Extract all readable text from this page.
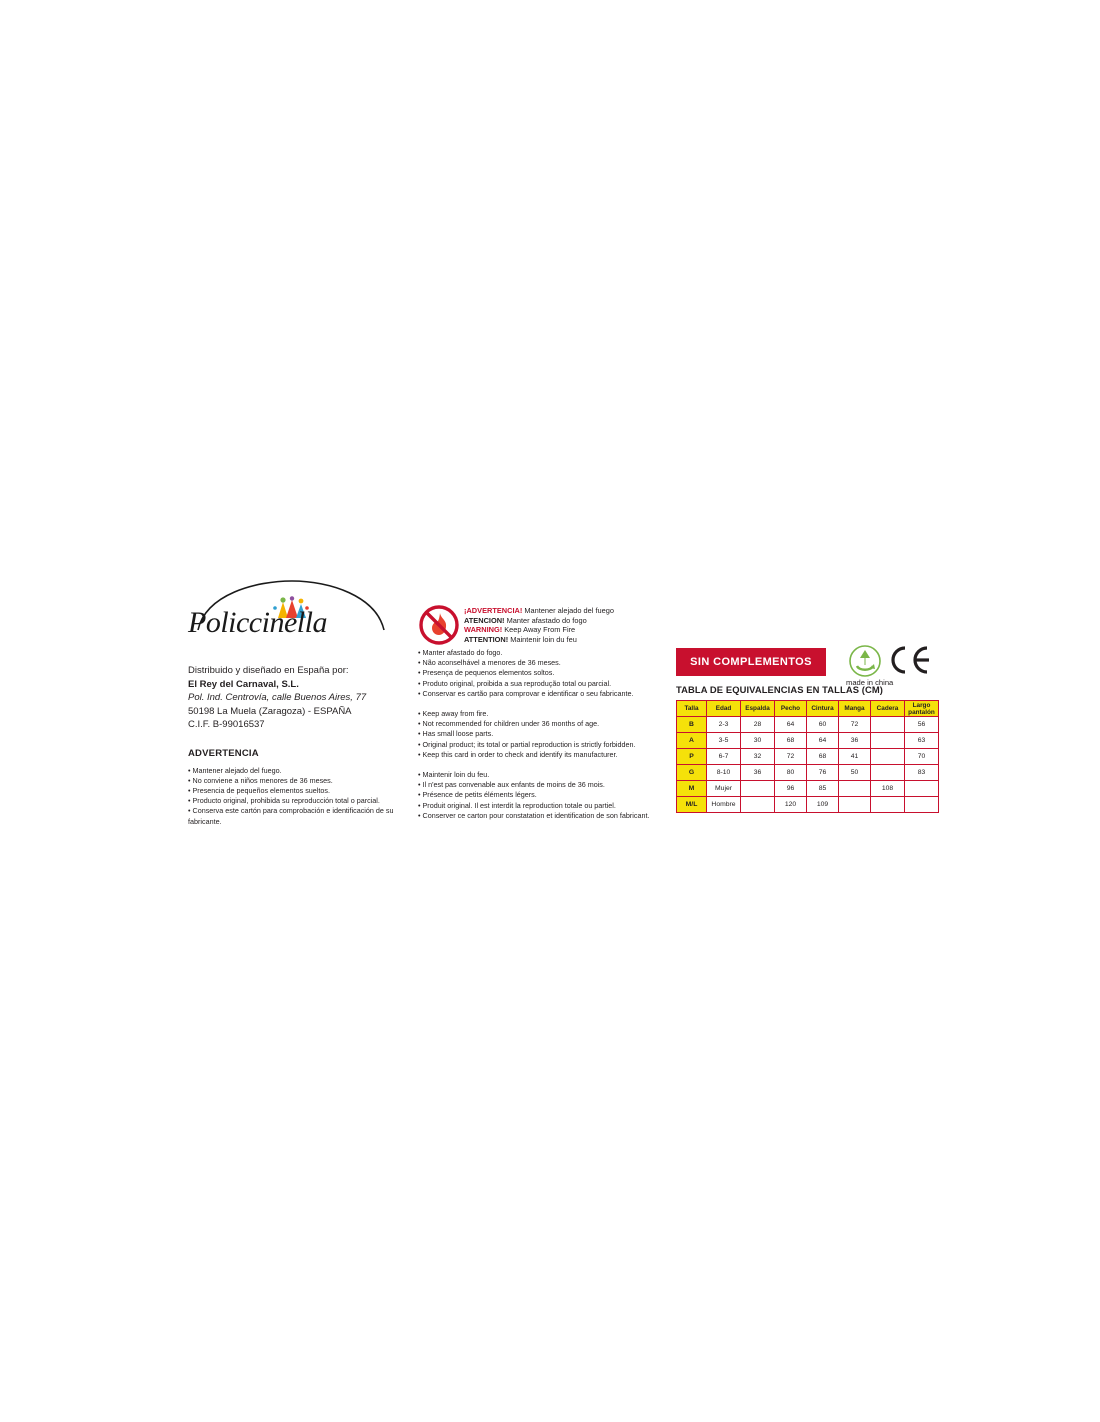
Policcinella
Distribuido y diseñado en España por:
El Rey del Carnaval, S.L.
Pol. Ind. Centrovía, calle Buenos Aires, 77
50198 La Muela (Zaragoza) - ESPAÑA
C.I.F. B-99016537
ADVERTENCIA
• Mantener alejado del fuego.
• No conviene a niños menores de 36 meses.
• Presencia de pequeños elementos sueltos.
• Producto original, prohibida su reproducción total o parcial.
• Conserva este cartón para comprobación e identificación de su fabricante.
¡ADVERTENCIA! Mantener alejado del fuego
ATENCION! Manter afastado do fogo
WARNING! Keep Away From Fire
ATTENTION! Maintenir loin du feu
• Manter afastado do fogo.
• Não aconselhável a menores de 36 meses.
• Presença de pequenos elementos soltos.
• Produto original, proibida a sua reprodução total ou parcial.
• Conservar es cartão para comprovar e identificar o seu fabricante.
• Keep away from fire.
• Not recommended for children under 36 months of age.
• Has small loose parts.
• Original product; its total or partial reproduction is strictly forbidden.
• Keep this card in order to check and identify its manufacturer.
• Maintenir loin du feu.
• Il n'est pas convenable aux enfants de moins de 36 mois.
• Présence de petits éléments légers.
• Produit original. Il est interdit la reproduction totale ou partiel.
• Conserver ce carton pour constatation et identification de son fabricant.
SIN COMPLEMENTOS
made in china
TABLA DE EQUIVALENCIAS EN TALLAS (CM)
Talla	Edad	Espalda	Pecho	Cintura	Manga	Cadera	Largo pantalón
B	2-3	28	64	60	72		56
A	3-5	30	68	64	36		63
P	6-7	32	72	68	41		70
G	8-10	36	80	76	50		83
M	Mujer		96	85		108	
M/L	Hombre		120	109			
